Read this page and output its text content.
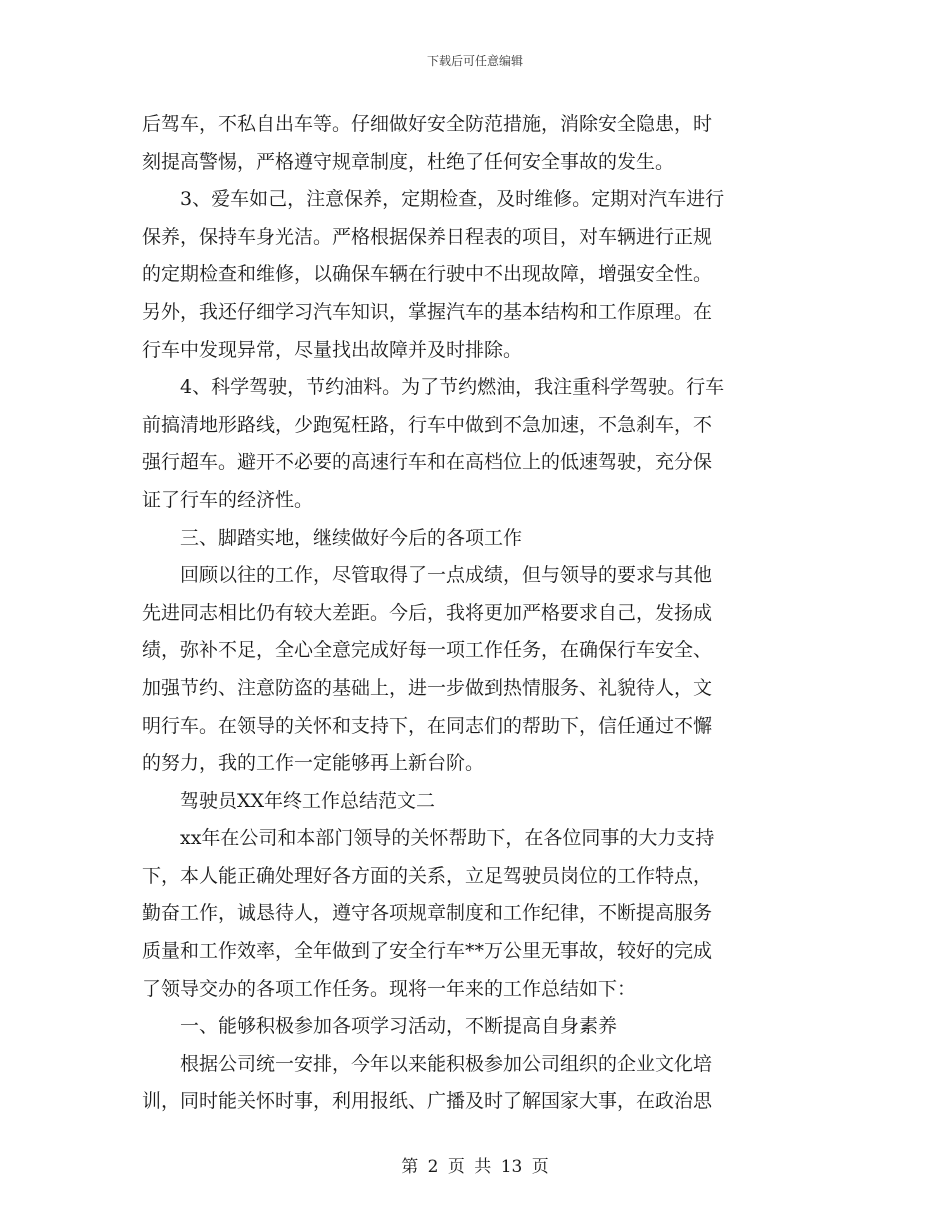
下载后可任意编辑
后驾车，不私自出车等。仔细做好安全防范措施，消除安全隐患，时
刻提高警惕，严格遵守规章制度，杜绝了任何安全事故的发生。
3、爱车如己，注意保养，定期检查，及时维修。定期对汽车进行
保养，保持车身光洁。严格根据保养日程表的项目，对车辆进行正规
的定期检查和维修，以确保车辆在行驶中不出现故障，增强安全性。
另外，我还仔细学习汽车知识，掌握汽车的基本结构和工作原理。在
行车中发现异常，尽量找出故障并及时排除。
4、科学驾驶，节约油料。为了节约燃油，我注重科学驾驶。行车
前搞清地形路线，少跑冤枉路，行车中做到不急加速，不急刹车，不
强行超车。避开不必要的高速行车和在高档位上的低速驾驶，充分保
证了行车的经济性。
三、脚踏实地，继续做好今后的各项工作
回顾以往的工作，尽管取得了一点成绩，但与领导的要求与其他
先进同志相比仍有较大差距。今后，我将更加严格要求自己，发扬成
绩，弥补不足，全心全意完成好每一项工作任务，在确保行车安全、
加强节约、注意防盗的基础上，进一步做到热情服务、礼貌待人，文
明行车。在领导的关怀和支持下，在同志们的帮助下，信任通过不懈
的努力，我的工作一定能够再上新台阶。
驾驶员XX年终工作总结范文二
xx年在公司和本部门领导的关怀帮助下，在各位同事的大力支持
下，本人能正确处理好各方面的关系，立足驾驶员岗位的工作特点，
勤奋工作，诚恳待人，遵守各项规章制度和工作纪律，不断提高服务
质量和工作效率，全年做到了安全行车**万公里无事故，较好的完成
了领导交办的各项工作任务。现将一年来的工作总结如下：
一、能够积极参加各项学习活动，不断提高自身素养
根据公司统一安排，今年以来能积极参加公司组织的企业文化培
训，同时能关怀时事，利用报纸、广播及时了解国家大事，在政治思
第 2 页 共 13 页
